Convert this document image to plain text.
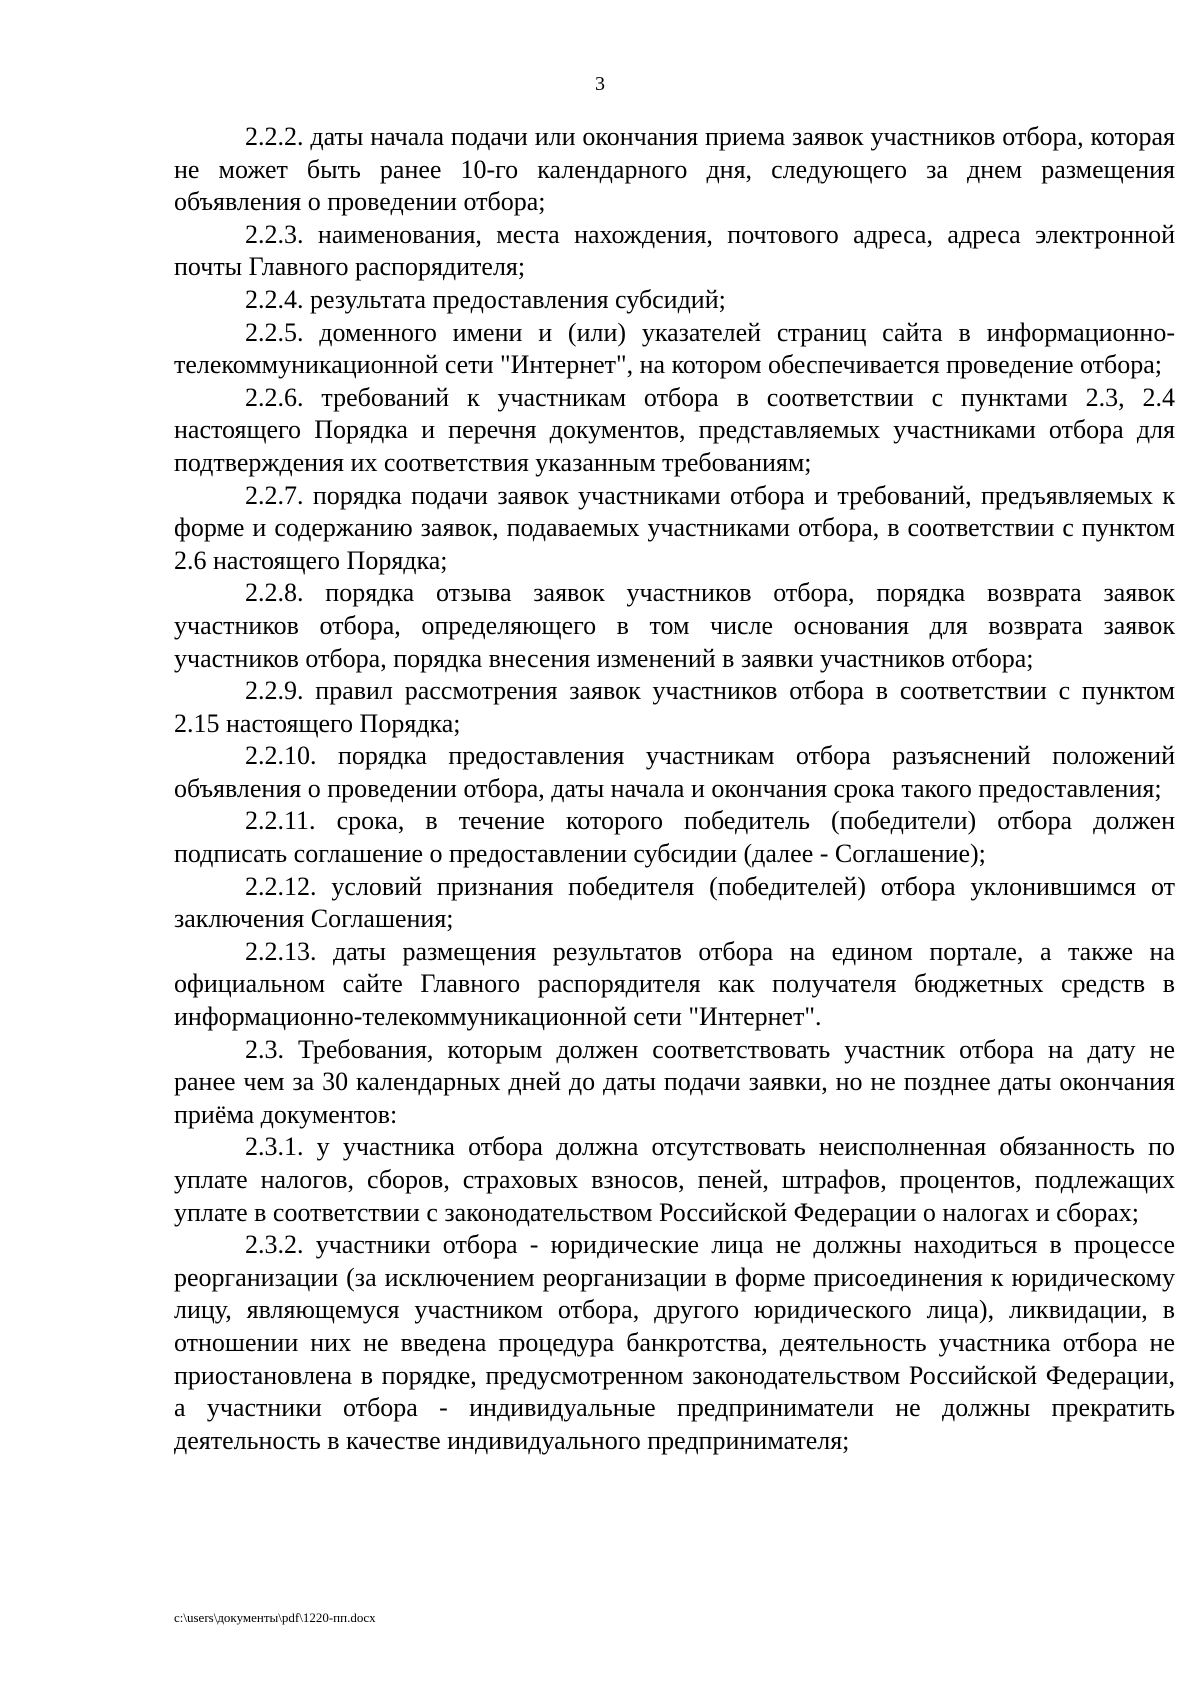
3

2.2.2. даты начала подачи или окончания приема заявок участников отбора, которая не может быть ранее 10-го календарного дня, следующего за днем размещения объявления о проведении отбора;

2.2.3. наименования, места нахождения, почтового адреса, адреса электронной почты Главного распорядителя;

2.2.4. результата предоставления субсидий;

2.2.5. доменного имени и (или) указателей страниц сайта в информационно-телекоммуникационной сети "Интернет", на котором обеспечивается проведение отбора;

2.2.6. требований к участникам отбора в соответствии с пунктами 2.3, 2.4 настоящего Порядка и перечня документов, представляемых участниками отбора для подтверждения их соответствия указанным требованиям;

2.2.7. порядка подачи заявок участниками отбора и требований, предъявляемых к форме и содержанию заявок, подаваемых участниками отбора, в соответствии с пунктом 2.6 настоящего Порядка;

2.2.8. порядка отзыва заявок участников отбора, порядка возврата заявок участников отбора, определяющего в том числе основания для возврата заявок участников отбора, порядка внесения изменений в заявки участников отбора;

2.2.9. правил рассмотрения заявок участников отбора в соответствии с пунктом 2.15 настоящего Порядка;

2.2.10. порядка предоставления участникам отбора разъяснений положений объявления о проведении отбора, даты начала и окончания срока такого предоставления;

2.2.11. срока, в течение которого победитель (победители) отбора должен подписать соглашение о предоставлении субсидии (далее - Соглашение);

2.2.12. условий признания победителя (победителей) отбора уклонившимся от заключения Соглашения;

2.2.13. даты размещения результатов отбора на едином портале, а также на официальном сайте Главного распорядителя как получателя бюджетных средств в информационно-телекоммуникационной сети "Интернет".

2.3. Требования, которым должен соответствовать участник отбора на дату не ранее чем за 30 календарных дней до даты подачи заявки, но не позднее даты окончания приёма документов:

2.3.1. у участника отбора должна отсутствовать неисполненная обязанность по уплате налогов, сборов, страховых взносов, пеней, штрафов, процентов, подлежащих уплате в соответствии с законодательством Российской Федерации о налогах и сборах;

2.3.2. участники отбора - юридические лица не должны находиться в процессе реорганизации (за исключением реорганизации в форме присоединения к юридическому лицу, являющемуся участником отбора, другого юридического лица), ликвидации, в отношении них не введена процедура банкротства, деятельность участника отбора не приостановлена в порядке, предусмотренном законодательством Российской Федерации, а участники отбора - индивидуальные предприниматели не должны прекратить деятельность в качестве индивидуального предпринимателя;

c:\users\документы\pdf\1220-пп.docx
